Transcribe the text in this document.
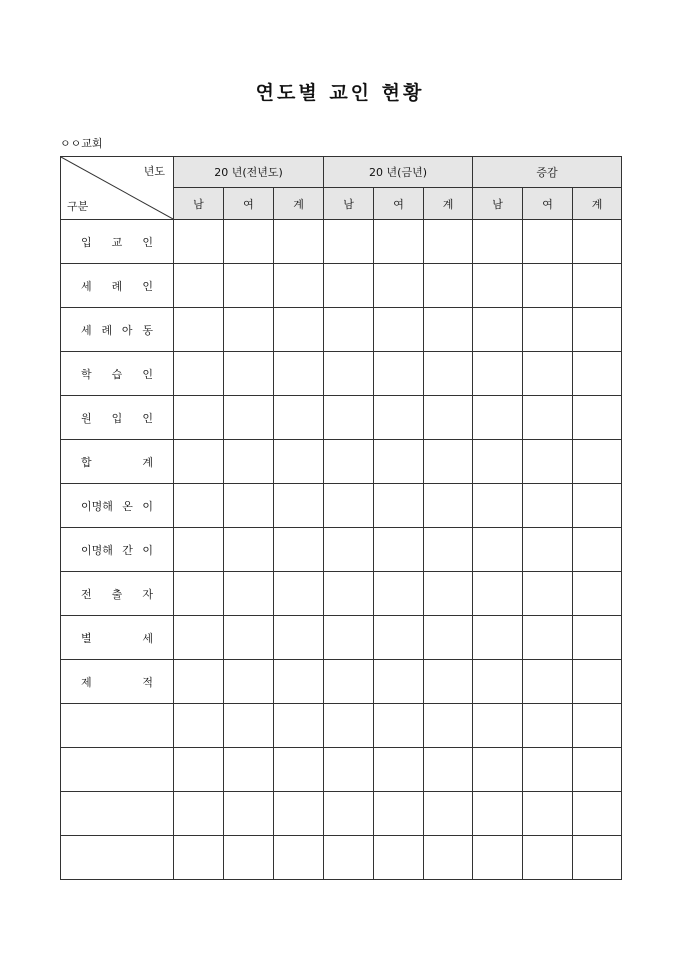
연도별 교인 현황
ㅇㅇ교회
년도
구분	20 년(전년도)			20 년(금년)			증감		
	남	여	계	남	여	계	남	여	계

입 교 인									

세 례 인									

세 례 아 동									

학 습 인									

원 입 인									

합 계									

이명해 온 이									

이명해 간 이									

전 출 자									

별 세									

제 적									
